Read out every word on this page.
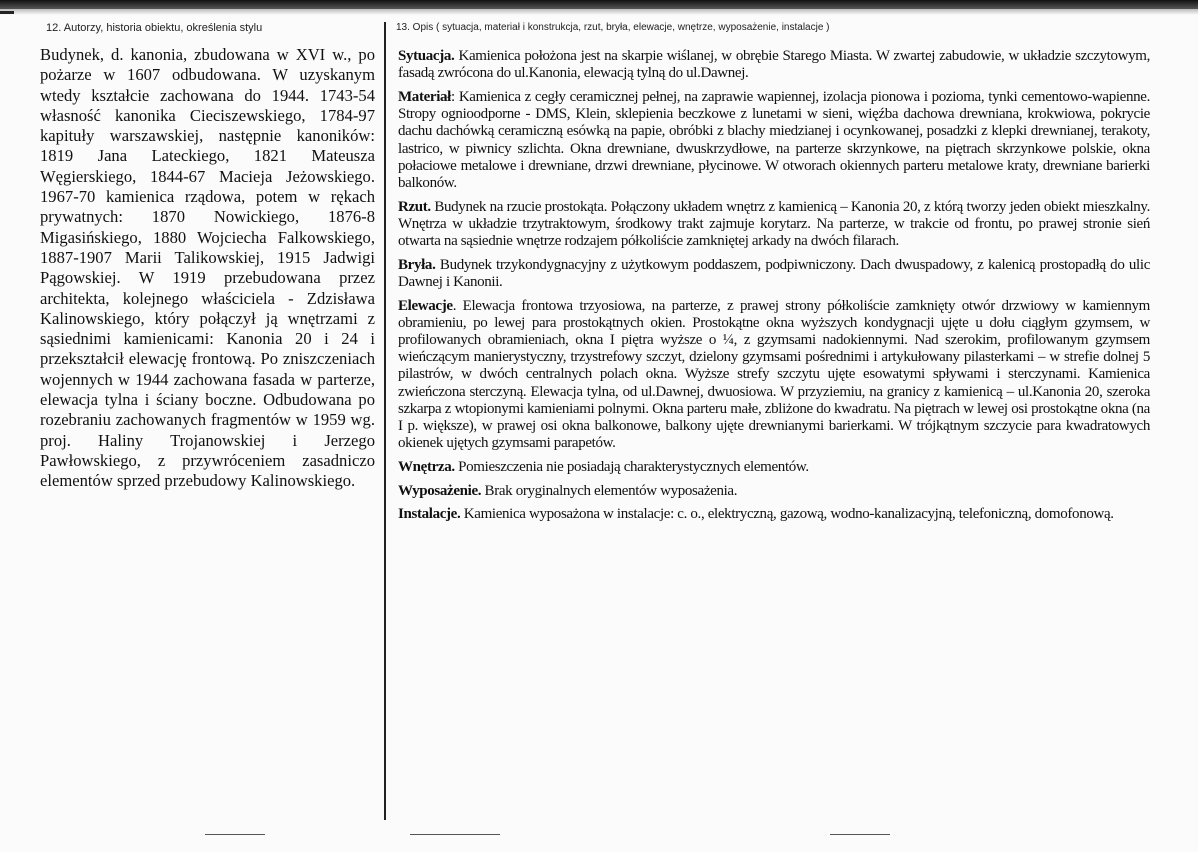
12. Autorzy, historia obiektu, określenia stylu
Budynek, d. kanonia, zbudowana w XVI w., po pożarze w 1607 odbudowana. W uzyskanym wtedy kształcie zachowana do 1944. 1743-54 własność kanonika Cieciszewskiego, 1784-97 kapituły warszawskiej, następnie kanoników: 1819 Jana Lateckiego, 1821 Mateusza Węgierskiego, 1844-67 Macieja Jeżowskiego. 1967-70 kamienica rządowa, potem w rękach prywatnych: 1870 Nowickiego, 1876-8 Migasińskiego, 1880 Wojciecha Falkowskiego, 1887-1907 Marii Talikowskiej, 1915 Jadwigi Pągowskiej. W 1919 przebudowana przez architekta, kolejnego właściciela - Zdzisława Kalinowskiego, który połączył ją wnętrzami z sąsiednimi kamienicami: Kanonia 20 i 24 i przekształcił elewację frontową. Po zniszczeniach wojennych w 1944 zachowana fasada w parterze, elewacja tylna i ściany boczne. Odbudowana po rozebraniu zachowanych fragmentów w 1959 wg. proj. Haliny Trojanowskiej i Jerzego Pawłowskiego, z przywróceniem zasadniczo elementów sprzed przebudowy Kalinowskiego.
13. Opis ( sytuacja, materiał i konstrukcja, rzut, bryła, elewacje, wnętrze, wyposażenie, instalacje )

Sytuacja. Kamienica położona jest na skarpie wiślanej, w obrębie Starego Miasta. W zwartej zabudowie, w układzie szczytowym, fasadą zwrócona do ul.Kanonia, elewacją tylną do ul.Dawnej.

Materiał: Kamienica z cegły ceramicznej pełnej, na zaprawie wapiennej, izolacja pionowa i pozioma, tynki cementowo-wapienne. Stropy ognioodporne - DMS, Klein, sklepienia beczkowe z lunetami w sieni, więźba dachowa drewniana, krokwiowa, pokrycie dachu dachówką ceramiczną esówką na papie, obróbki z blachy miedzianej i ocynkowanej, posadzki z klepki drewnianej, terakoty, lastrico, w piwnicy szlichta. Okna drewniane, dwuskrzydłowe, na parterze skrzynkowe, na piętrach skrzynkowe polskie, okna połaciowe metalowe i drewniane, drzwi drewniane, płycinowe. W otworach okiennych parteru metalowe kraty, drewniane barierki balkonów.

Rzut. Budynek na rzucie prostokąta. Połączony układem wnętrz z kamienicą – Kanonia 20, z którą tworzy jeden obiekt mieszkalny. Wnętrza w układzie trzytraktowym, środkowy trakt zajmuje korytarz. Na parterze, w trakcie od frontu, po prawej stronie sień otwarta na sąsiednie wnętrze rodzajem półkoliście zamkniętej arkady na dwóch filarach.

Bryła. Budynek trzykondygnacyjny z użytkowym poddaszem, podpiwniczony. Dach dwuspadowy, z kalenicą prostopadłą do ulic Dawnej i Kanonii.

Elewacje. Elewacja frontowa trzyosiowa, na parterze, z prawej strony półkoliście zamknięty otwór drzwiowy w kamiennym obramieniu, po lewej para prostokątnych okien. Prostokątne okna wyższych kondygnacji ujęte u dołu ciągłym gzymsem, w profilowanych obramieniach, okna I piętra wyższe o ¼, z gzymsami nadokiennymi. Nad szerokim, profilowanym gzymsem wieńczącym manierystyczny, trzystrefowy szczyt, dzielony gzymsami pośrednimi i artykułowany pilasterkami – w strefie dolnej 5 pilastrów, w dwóch centralnych polach okna. Wyższe strefy szczytu ujęte esowatymi spływami i sterczynami. Kamienica zwieńczona sterczyną. Elewacja tylna, od ul.Dawnej, dwuosiowa. W przyziemiu, na granicy z kamienicą – ul.Kanonia 20, szeroka szkarpa z wtopionymi kamieniami polnymi. Okna parteru małe, zbliżone do kwadratu. Na piętrach w lewej osi prostokątne okna (na I p. większe), w prawej osi okna balkonowe, balkony ujęte drewnianymi barierkami. W trójkątnym szczycie para kwadratowych okienek ujętych gzymsami parapetów.

Wnętrza. Pomieszczenia nie posiadają charakterystycznych elementów.

Wyposażenie. Brak oryginalnych elementów wyposażenia.

Instalacje. Kamienica wyposażona w instalacje: c. o., elektryczną, gazową, wodno-kanalizacyjną, telefoniczną, domofonową.
